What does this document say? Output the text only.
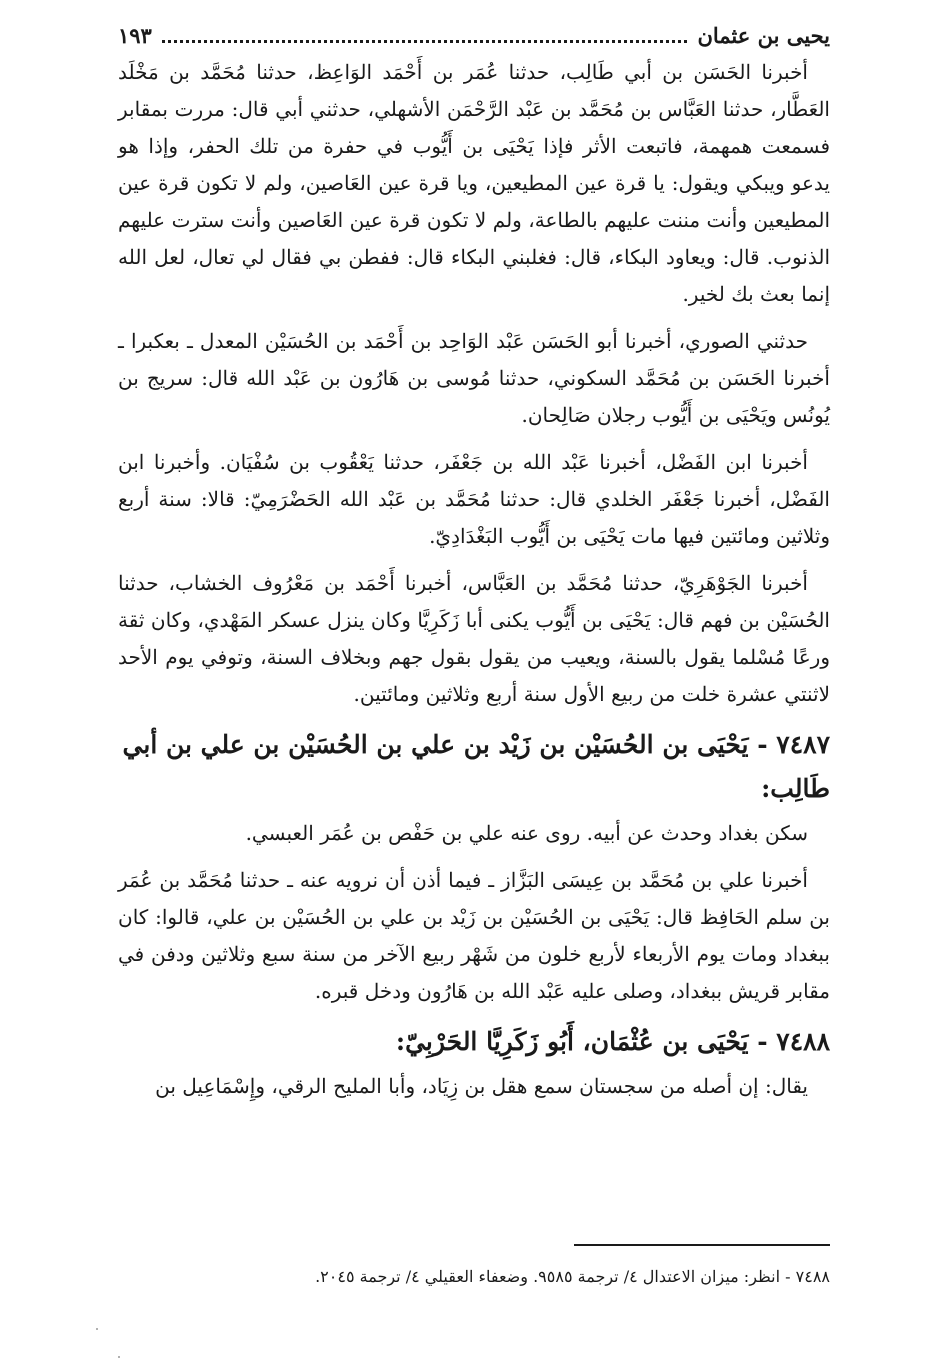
يحيى بن عثمان
١٩٣

أخبرنا الحَسَن بن أبي طَالِب، حدثنا عُمَر بن أَحْمَد الوَاعِظ، حدثنا مُحَمَّد بن مَخْلَد العَطَّار، حدثنا العَبَّاس بن مُحَمَّد بن عَبْد الرَّحْمَن الأشهلي، حدثني أبي قال: مررت بمقابر فسمعت همهمة، فاتبعت الأثر فإذا يَحْيَى بن أَيُّوب في حفرة من تلك الحفر، وإذا هو يدعو ويبكي ويقول: يا قرة عين المطيعين، ويا قرة عين العَاصين، ولم لا تكون قرة عين المطيعين وأنت مننت عليهم بالطاعة، ولم لا تكون قرة عين العَاصين وأنت سترت عليهم الذنوب. قال: ويعاود البكاء، قال: فغلبني البكاء قال: ففطن بي فقال لي تعال، لعل الله إنما بعث بك لخير.

حدثني الصوري، أخبرنا أبو الحَسَن عَبْد الوَاحِد بن أَحْمَد بن الحُسَيْن المعدل ـ بعكبرا ـ أخبرنا الحَسَن بن مُحَمَّد السكوني، حدثنا مُوسى بن هَارُون بن عَبْد الله قال: سريج بن يُونُس ويَحْيَى بن أَيُّوب رجلان صَالِحان.

أخبرنا ابن الفَضْل، أخبرنا عَبْد الله بن جَعْفَر، حدثنا يَعْقُوب بن سُفْيَان. وأخبرنا ابن الفَضْل، أخبرنا جَعْفَر الخلدي قال: حدثنا مُحَمَّد بن عَبْد الله الحَضْرَمِيّ: قالا: سنة أربع وثلاثين ومائتين فيها مات يَحْيَى بن أَيُّوب البَغْدَادِيّ.

أخبرنا الجَوْهَرِيّ، حدثنا مُحَمَّد بن العَبَّاس، أخبرنا أَحْمَد بن مَعْرُوف الخشاب، حدثنا الحُسَيْن بن فهم قال: يَحْيَى بن أَيُّوب يكنى أبا زَكَرِيَّا وكان ينزل عسكر المَهْدي، وكان ثقة ورعًا مُسْلما يقول بالسنة، ويعيب من يقول بقول جهم وبخلاف السنة، وتوفي يوم الأحد لاثنتي عشرة خلت من ربيع الأول سنة أربع وثلاثين ومائتين.

٧٤٨٧ - يَحْيَى بن الحُسَيْن بن زَيْد بن علي بن الحُسَيْن بن علي بن أبي طَالِب:

سكن بغداد وحدث عن أبيه. روى عنه علي بن حَفْص بن عُمَر العبسي.

أخبرنا علي بن مُحَمَّد بن عِيسَى البَزَّاز ـ فيما أذن أن نرويه عنه ـ حدثنا مُحَمَّد بن عُمَر بن سلم الحَافِظ قال: يَحْيَى بن الحُسَيْن بن زَيْد بن علي بن الحُسَيْن بن علي، قالوا: كان ببغداد ومات يوم الأربعاء لأربع خلون من شَهْر ربيع الآخر من سنة سبع وثلاثين ودفن في مقابر قريش ببغداد، وصلى عليه عَبْد الله بن هَارُون ودخل قبره.

٧٤٨٨ - يَحْيَى بن عُثْمَان، أَبُو زَكَرِيَّا الحَرْبِيّ:

يقال: إن أصله من سجستان سمع هقل بن زِيَاد، وأبا المليح الرقي، وإِسْمَاعِيل بن

٧٤٨٨ - انظر: ميزان الاعتدال ٤/ ترجمة ٩٥٨٥. وضعفاء العقيلي ٤/ ترجمة ٢٠٤٥.
